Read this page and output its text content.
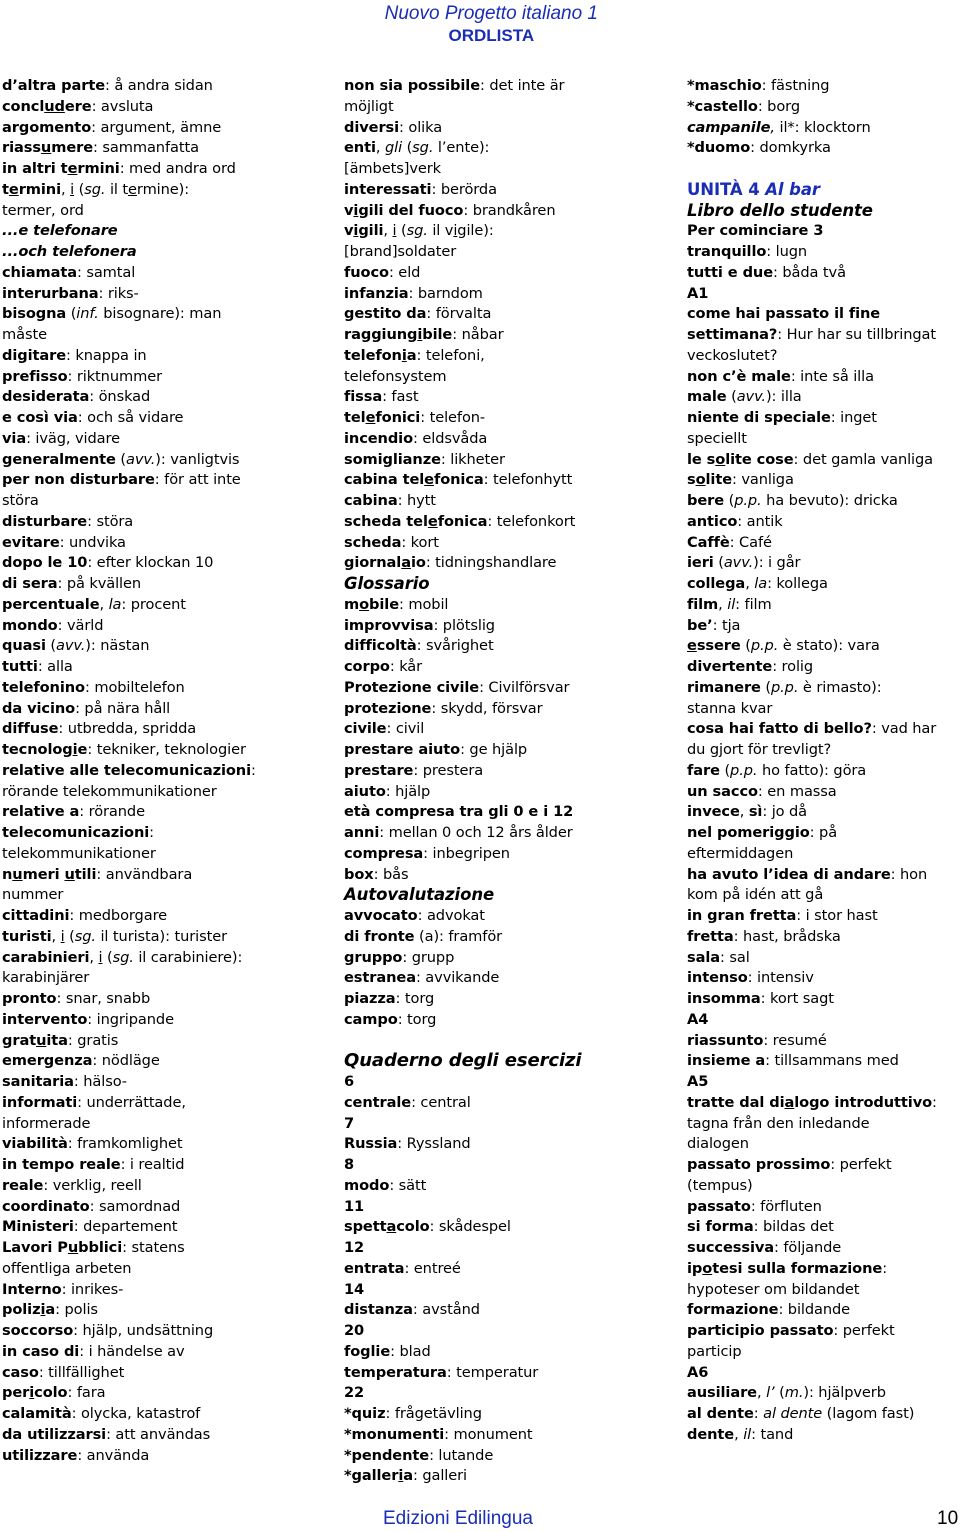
Nuovo Progetto italiano 1
ORDLISTA
d’altra parte: å andra sidan
concludere: avsluta
argomento: argument, ämne
riassumere: sammanfatta
in altri termini: med andra ord
termini, i (sg. il termine):
termer, ord
...e telefonare
...och telefonera
chiamata: samtal
interurbana: riks-
bisogna (inf. bisognare): man
måste
digitare: knappa in
prefisso: riktnummer
desiderata: önskad
e così via: och så vidare
via: iväg, vidare
generalmente (avv.): vanligtvis
per non disturbare: för att inte
störa
disturbare: störa
evitare: undvika
dopo le 10: efter klockan 10
di sera: på kvällen
percentuale, la: procent
mondo: värld
quasi (avv.): nästan
tutti: alla
telefonino: mobiltelefon
da vicino: på nära håll
diffuse: utbredda, spridda
tecnologie: tekniker, teknologier
relative alle telecomunicazioni:
rörande telekommunikationer
relative a: rörande
telecomunicazioni:
telekommunikationer
numeri utili: användbara
nummer
cittadini: medborgare
turisti, i (sg. il turista): turister
carabinieri, i (sg. il carabiniere):
karabinjärer
pronto: snar, snabb
intervento: ingripande
gratuita: gratis
emergenza: nödläge
sanitaria: hälso-
informati: underrättade,
informerade
viabilità: framkomlighet
in tempo reale: i realtid
reale: verklig, reell
coordinato: samordnad
Ministeri: departement
Lavori Pubblici: statens
offentliga arbeten
Interno: inrikes-
polizia: polis
soccorso: hjälp, undsättning
in caso di: i händelse av
caso: tillfällighet
pericolo: fara
calamità: olycka, katastrof
da utilizzarsi: att användas
utilizzare: använda
non sia possibile: det inte är
möjligt
diversi: olika
enti, gli (sg. l’ente):
[ämbets]verk
interessati: berörda
vigili del fuoco: brandkåren
vigili, i (sg. il vigile):
[brand]soldater
fuoco: eld
infanzia: barndom
gestito da: förvalta
raggiungibile: nåbar
telefonia: telefoni,
telefonsystem
fissa: fast
telefonici: telefon-
incendio: eldsvåda
somiglianze: likheter
cabina telefonica: telefonhytt
cabina: hytt
scheda telefonica: telefonkort
scheda: kort
giornalaio: tidningshandlare
Glossario
mobile: mobil
improvvisa: plötslig
difficoltà: svårighet
corpo: kår
Protezione civile: Civilförsvar
protezione: skydd, försvar
civile: civil
prestare aiuto: ge hjälp
prestare: prestera
aiuto: hjälp
età compresa tra gli 0 e i 12
anni: mellan 0 och 12 års ålder
compresa: inbegripen
box: bås
Autovalutazione
avvocato: advokat
di fronte (a): framför
gruppo: grupp
estranea: avvikande
piazza: torg
campo: torg
Quaderno degli esercizi
6
centrale: central
7
Russia: Ryssland
8
modo: sätt
11
spettacolo: skådespel
12
entrata: entreé
14
distanza: avstånd
20
foglie: blad
temperatura: temperatur
22
*quiz: frågetävling
*monumenti: monument
*pendente: lutande
*galleria: galleri
*maschio: fästning
*castello: borg
campanile, il*: klocktorn
*duomo: domkyrka
UNITÀ 4 Al bar
Libro dello studente
Per cominciare 3
tranquillo: lugn
tutti e due: båda två
A1
come hai passato il fine
settimana?: Hur har su tillbringat
veckoslutet?
non c’è male: inte så illa
male (avv.): illa
niente di speciale: inget
speciellt
le solite cose: det gamla vanliga
solite: vanliga
bere (p.p. ha bevuto): dricka
antico: antik
Caffè: Café
ieri (avv.): i går
collega, la: kollega
film, il: film
be’: tja
essere (p.p. è stato): vara
divertente: rolig
rimanere (p.p. è rimasto):
stanna kvar
cosa hai fatto di bello?: vad har
du gjort för trevligt?
fare (p.p. ho fatto): göra
un sacco: en massa
invece, sì: jo då
nel pomeriggio: på
eftermiddagen
ha avuto l’idea di andare: hon
kom på idén att gå
in gran fretta: i stor hast
fretta: hast, brådska
sala: sal
intenso: intensiv
insomma: kort sagt
A4
riassunto: resumé
insieme a: tillsammans med
A5
tratte dal dialogo introduttivo:
tagna från den inledande
dialogen
passato prossimo: perfekt
(tempus)
passato: förfluten
si forma: bildas det
successiva: följande
ipotesi sulla formazione:
hypoteser om bildandet
formazione: bildande
participio passato: perfekt
particip
A6
ausiliare, l’ (m.): hjälpverb
al dente: al dente (lagom fast)
dente, il: tand
Edizioni Edilingua	10
